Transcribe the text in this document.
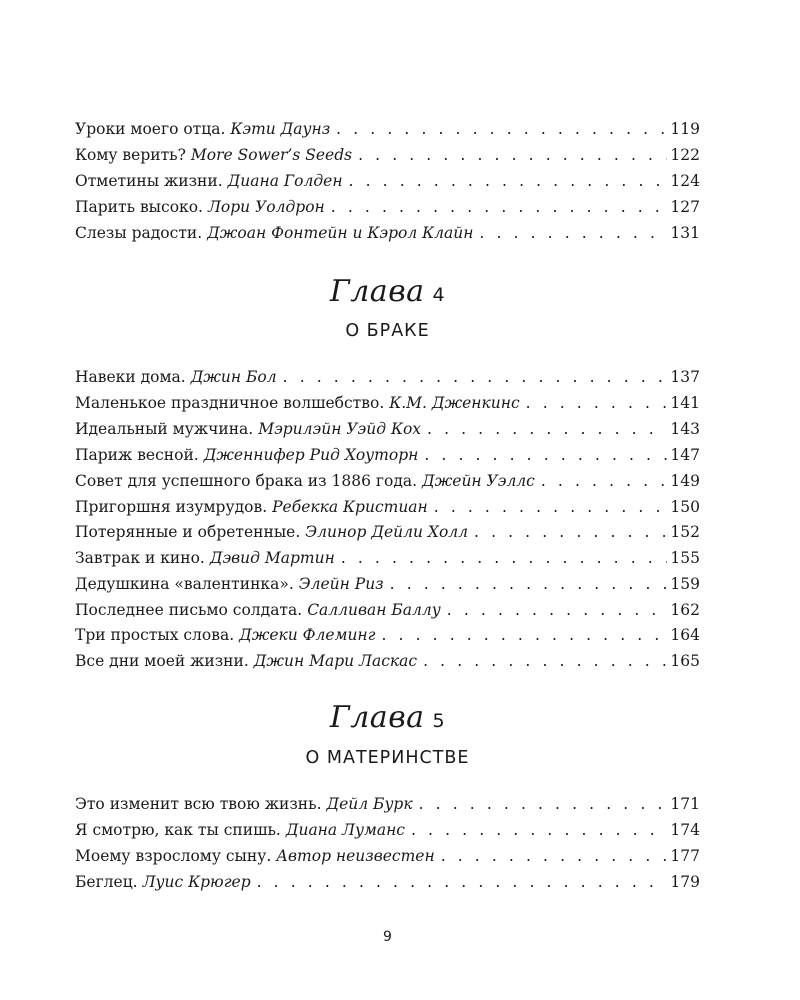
Уроки моего отца. Кэти Даунз . . .	119
Кому верить? More Sower’s Seeds . . .	122
Отметины жизни. Диана Голден . . .	124
Парить высоко. Лори Уолдрон . . .	127
Слезы радости. Джоан Фонтейн и Кэрол Клайн . . .	131
Глава 4
О БРАКЕ
Навеки дома. Джин Бол . . .	137
Маленькое праздничное волшебство. К.М. Дженкинс . . .	141
Идеальный мужчина. Мэрилэйн Уэйд Кох . . .	143
Париж весной. Дженнифер Рид Хоуторн . . .	147
Совет для успешного брака из 1886 года. Джейн Уэллс . . .	149
Пригоршня изумрудов. Ребекка Кристиан . . .	150
Потерянные и обретенные. Элинор Дейли Холл . . .	152
Завтрак и кино. Дэвид Мартин . . .	155
Дедушкина «валентинка». Элейн Риз . . .	159
Последнее письмо солдата. Салливан Баллу . . .	162
Три простых слова. Джеки Флеминг . . .	164
Все дни моей жизни. Джин Мари Ласкас . . .	165
Глава 5
О МАТЕРИНСТВЕ
Это изменит всю твою жизнь. Дейл Бурк . . .	171
Я смотрю, как ты спишь. Диана Луманс . . .	174
Моему взрослому сыну. Автор неизвестен . . .	177
Беглец. Луис Крюгер . . .	179
9
